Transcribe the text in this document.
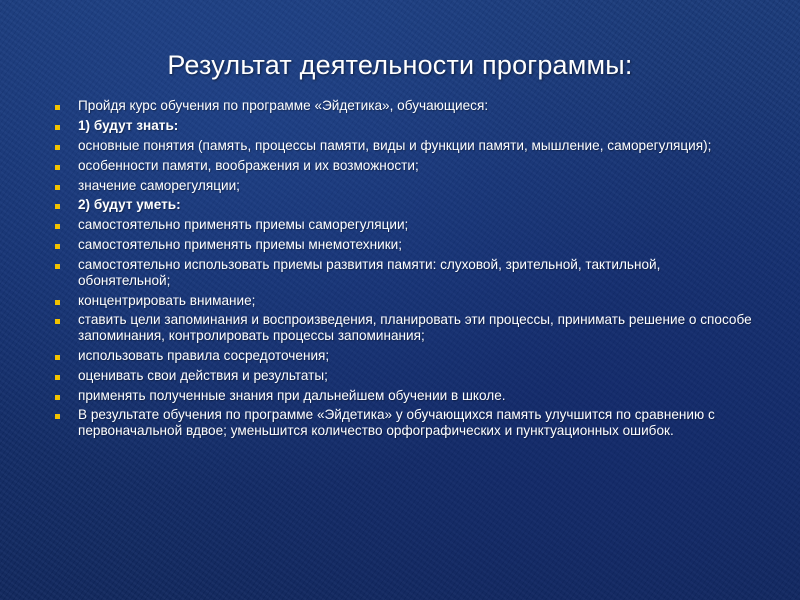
Результат деятельности программы:
Пройдя курс обучения по программе «Эйдетика», обучающиеся:
1) будут знать:
основные понятия (память, процессы памяти, виды и функции памяти, мышление, саморегуляция);
особенности памяти, воображения и их возможности;
значение саморегуляции;
2) будут уметь:
самостоятельно применять приемы саморегуляции;
самостоятельно применять приемы мнемотехники;
самостоятельно использовать приемы развития памяти: слуховой, зрительной, тактильной, обонятельной;
концентрировать внимание;
ставить цели запоминания и воспроизведения, планировать эти процессы, принимать решение о способе запоминания, контролировать процессы запоминания;
использовать правила сосредоточения;
оценивать свои действия и результаты;
применять полученные знания при дальнейшем обучении в школе.
В результате обучения по программе «Эйдетика» у обучающихся память улучшится по сравнению с первоначальной вдвое; уменьшится количество орфографических и пунктуационных ошибок.
